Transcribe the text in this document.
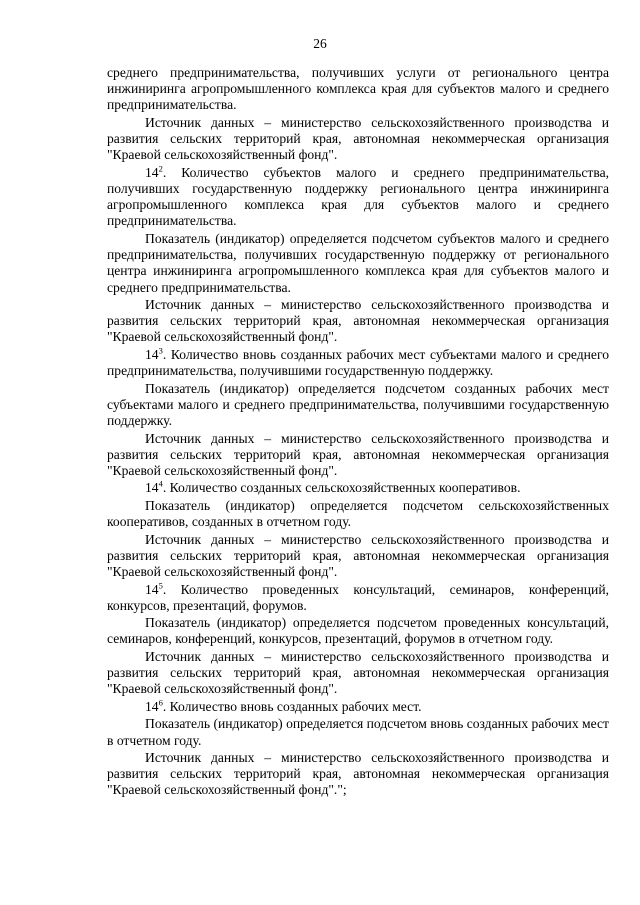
26

среднего предпринимательства, получивших услуги от регионального центра инжиниринга агропромышленного комплекса края для субъектов малого и среднего предпринимательства.

Источник данных – министерство сельскохозяйственного производства и развития сельских территорий края, автономная некоммерческая организация "Краевой сельскохозяйственный фонд".

$14^2$. Количество субъектов малого и среднего предпринимательства, получивших государственную поддержку регионального центра инжиниринга агропромышленного комплекса края для субъектов малого и среднего предпринимательства.

Показатель (индикатор) определяется подсчетом субъектов малого и среднего предпринимательства, получивших государственную поддержку от регионального центра инжиниринга агропромышленного комплекса края для субъектов малого и среднего предпринимательства.

Источник данных – министерство сельскохозяйственного производства и развития сельских территорий края, автономная некоммерческая организация "Краевой сельскохозяйственный фонд".

$14^3$. Количество вновь созданных рабочих мест субъектами малого и среднего предпринимательства, получившими государственную поддержку.

Показатель (индикатор) определяется подсчетом созданных рабочих мест субъектами малого и среднего предпринимательства, получившими государственную поддержку.

Источник данных – министерство сельскохозяйственного производства и развития сельских территорий края, автономная некоммерческая организация "Краевой сельскохозяйственный фонд".

$14^4$. Количество созданных сельскохозяйственных кооперативов.

Показатель (индикатор) определяется подсчетом сельскохозяйственных кооперативов, созданных в отчетном году.

Источник данных – министерство сельскохозяйственного производства и развития сельских территорий края, автономная некоммерческая организация "Краевой сельскохозяйственный фонд".

$14^5$. Количество проведенных консультаций, семинаров, конференций, конкурсов, презентаций, форумов.

Показатель (индикатор) определяется подсчетом проведенных консультаций, семинаров, конференций, конкурсов, презентаций, форумов в отчетном году.

Источник данных – министерство сельскохозяйственного производства и развития сельских территорий края, автономная некоммерческая организация "Краевой сельскохозяйственный фонд".

$14^6$. Количество вновь созданных рабочих мест.

Показатель (индикатор) определяется подсчетом вновь созданных рабочих мест в отчетном году.

Источник данных – министерство сельскохозяйственного производства и развития сельских территорий края, автономная некоммерческая организация "Краевой сельскохозяйственный фонд".";
